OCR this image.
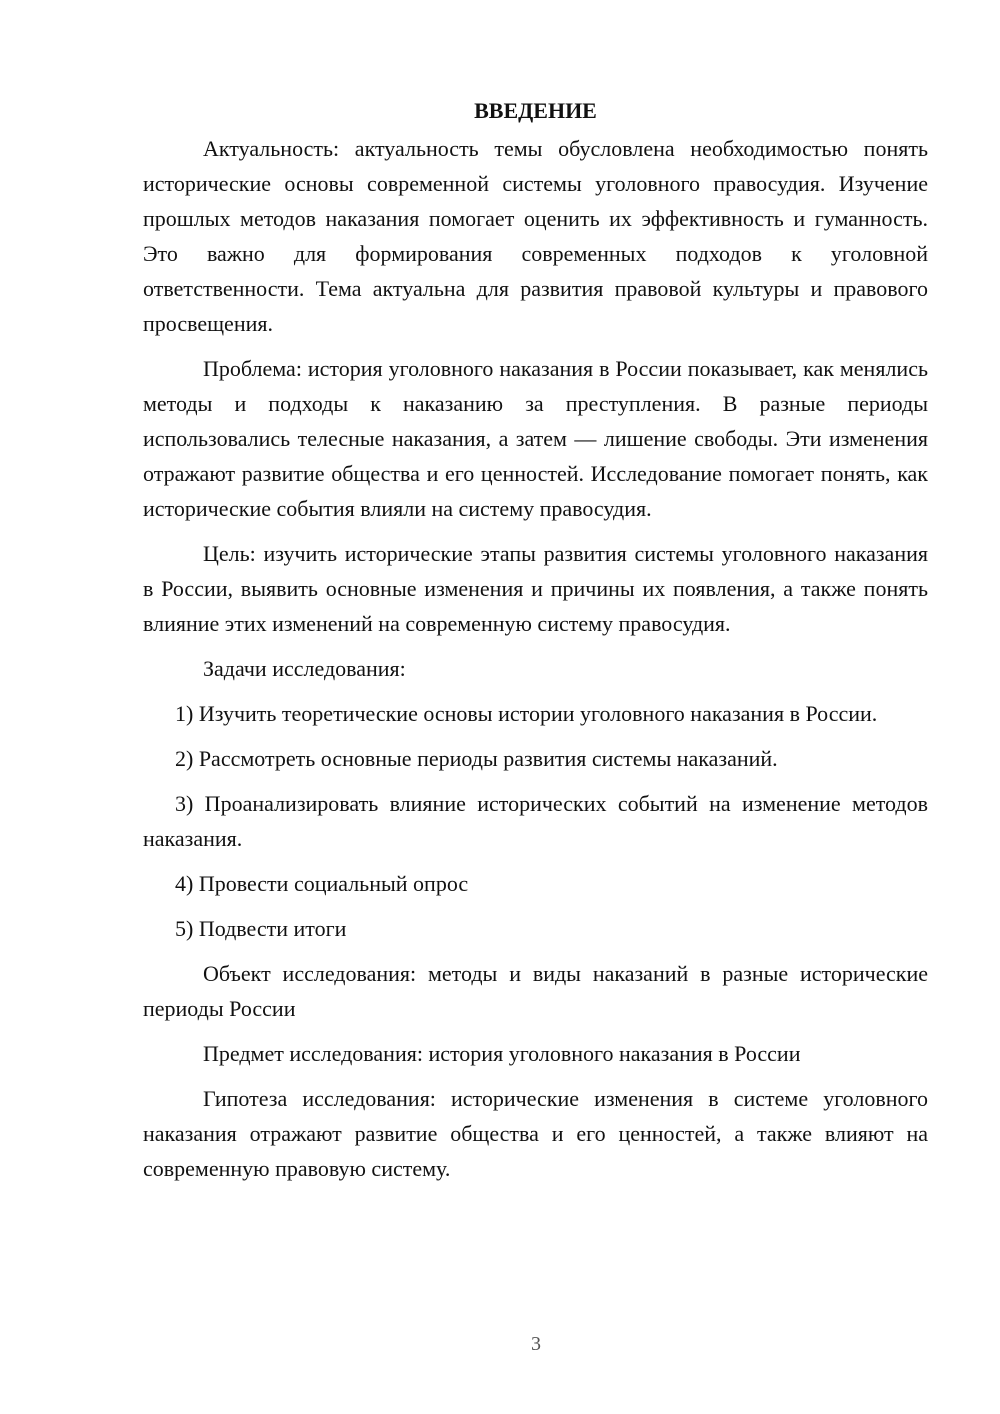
ВВЕДЕНИЕ

Актуальность: актуальность темы обусловлена необходимостью понять исторические основы современной системы уголовного правосудия. Изучение прошлых методов наказания помогает оценить их эффективность и гуманность. Это важно для формирования современных подходов к уголовной ответственности. Тема актуальна для развития правовой культуры и правового просвещения.

Проблема: история уголовного наказания в России показывает, как менялись методы и подходы к наказанию за преступления. В разные периоды использовались телесные наказания, а затем — лишение свободы. Эти изменения отражают развитие общества и его ценностей. Исследование помогает понять, как исторические события влияли на систему правосудия.

Цель: изучить исторические этапы развития системы уголовного наказания в России, выявить основные изменения и причины их появления, а также понять влияние этих изменений на современную систему правосудия.

Задачи исследования:

1) Изучить теоретические основы истории уголовного наказания в России.

2) Рассмотреть основные периоды развития системы наказаний.

3) Проанализировать влияние исторических событий на изменение методов наказания.

4) Провести социальный опрос

5) Подвести итоги

Объект исследования: методы и виды наказаний в разные исторические периоды России

Предмет исследования: история уголовного наказания в России

Гипотеза исследования: исторические изменения в системе уголовного наказания отражают развитие общества и его ценностей, а также влияют на современную правовую систему.

3
